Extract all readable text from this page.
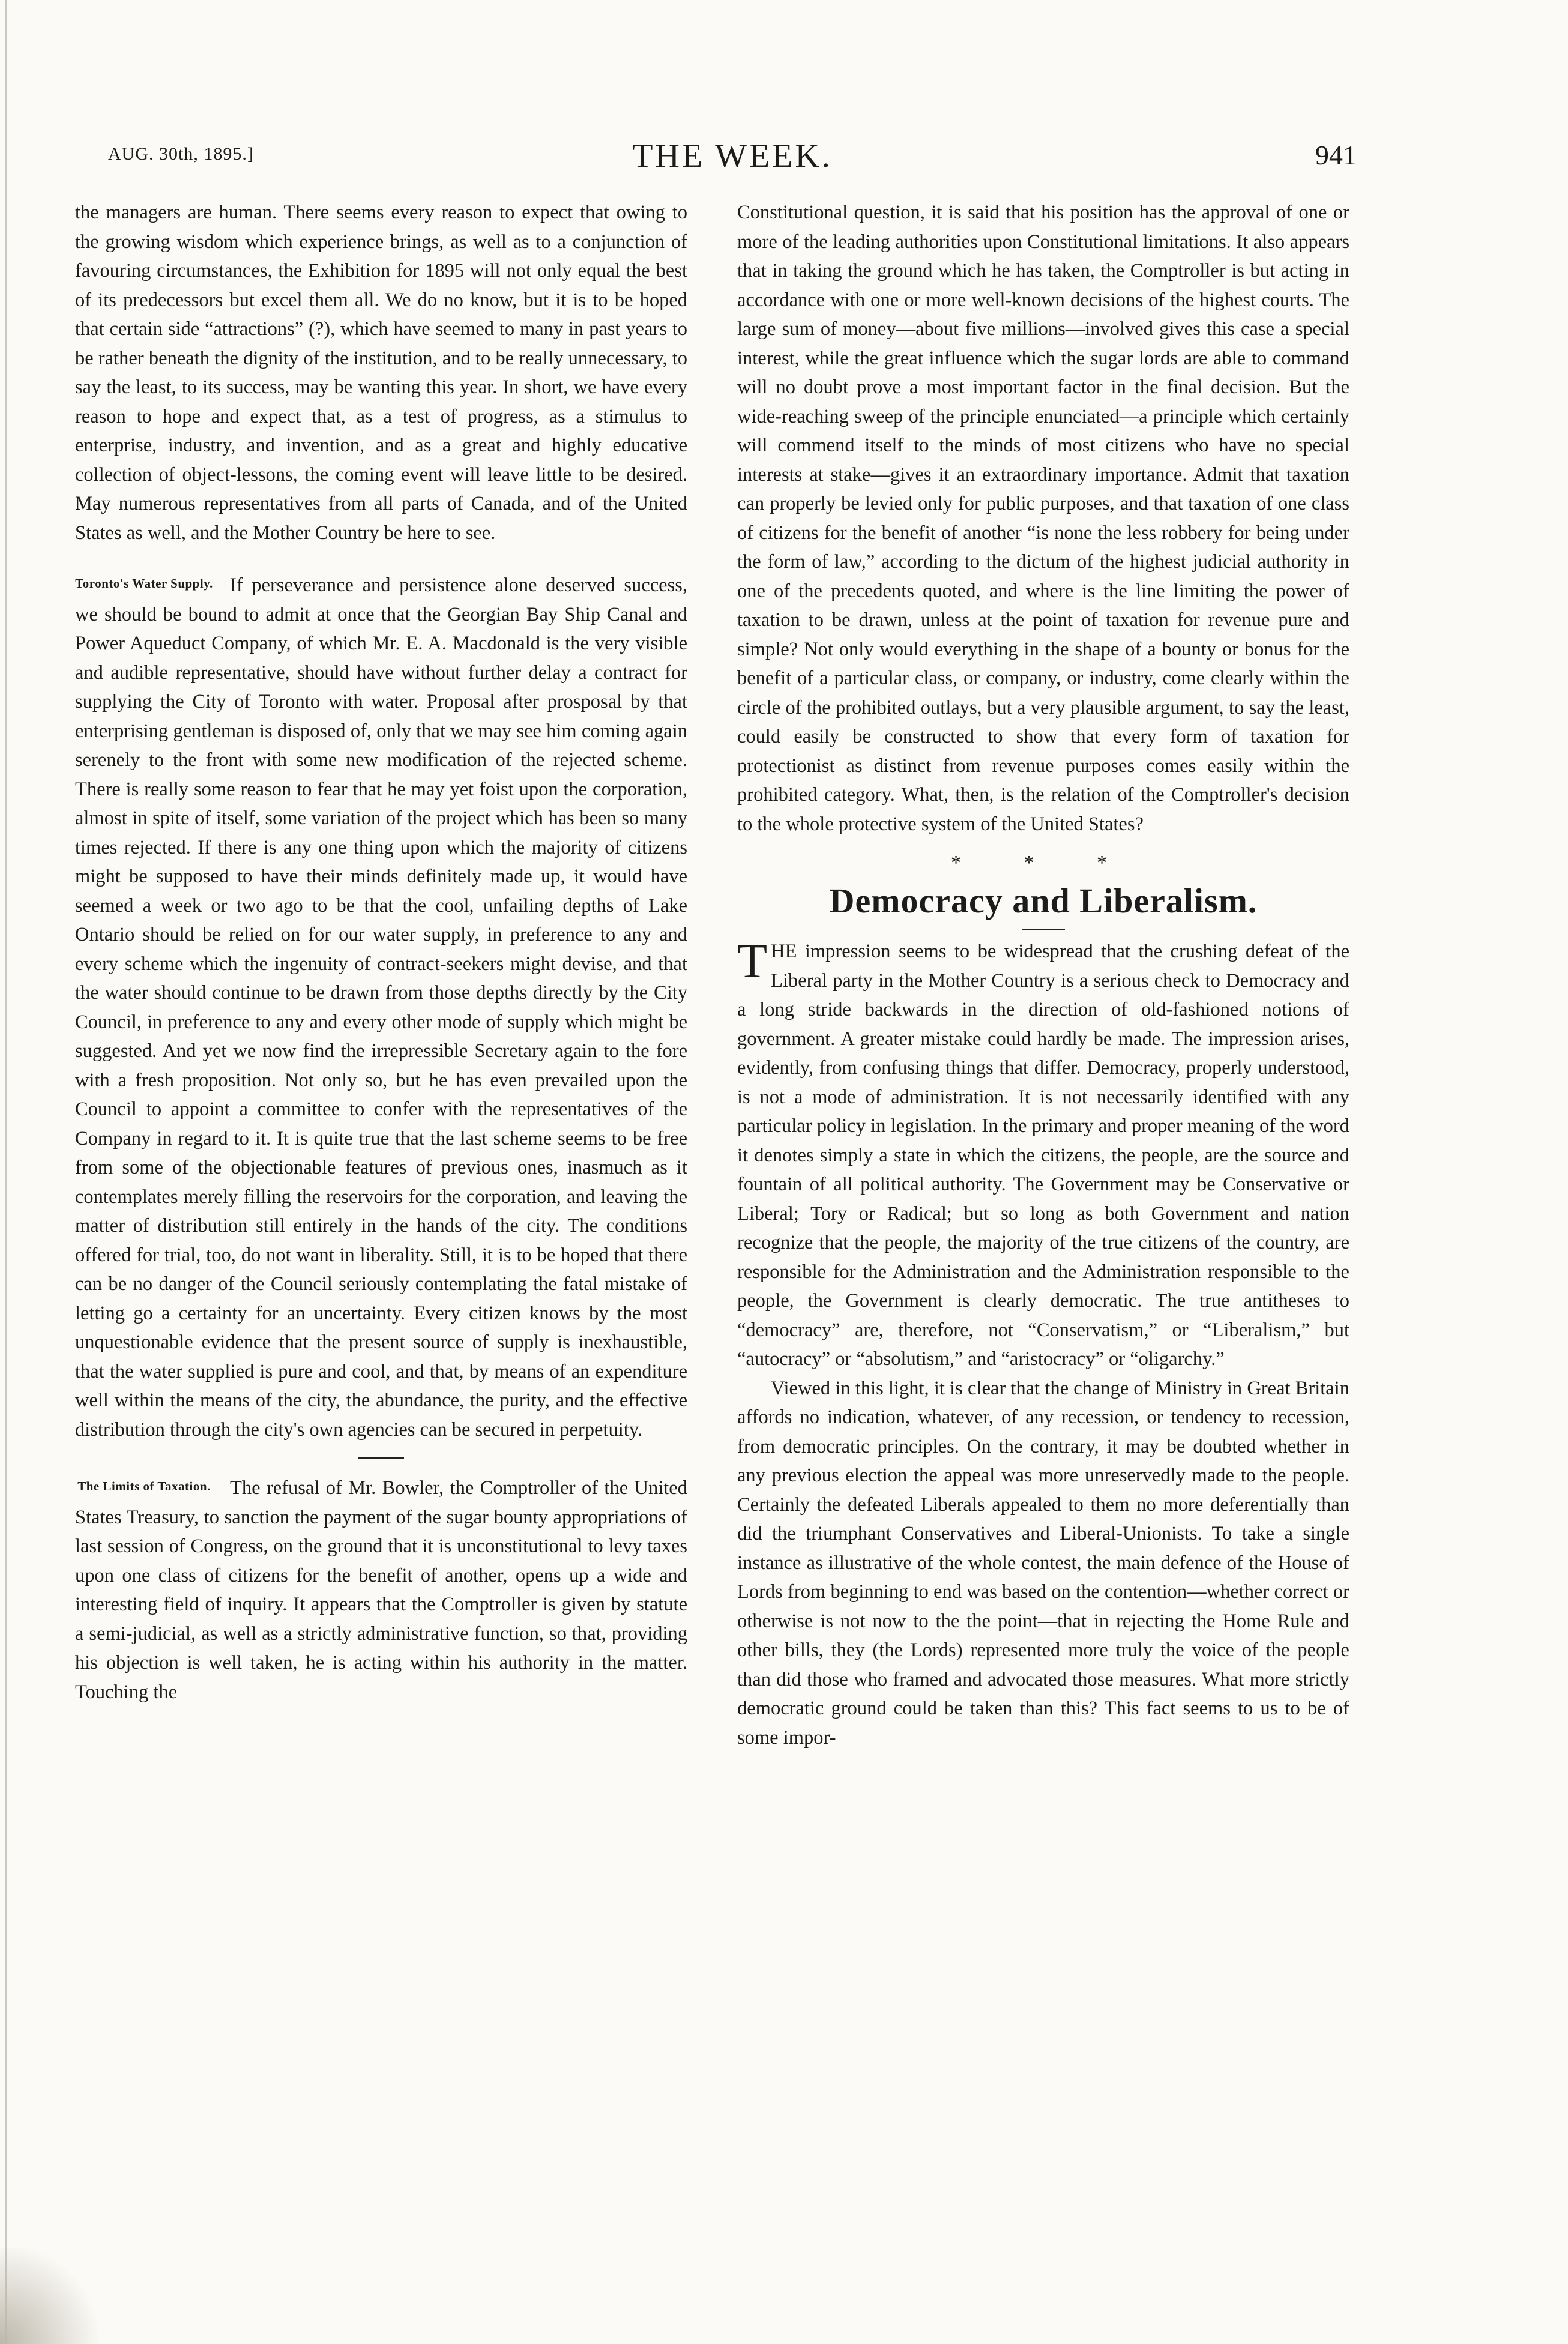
AUG. 30th, 1895.]	THE WEEK.	941

the managers are human. There seems every reason to expect that owing to the growing wisdom which experience brings, as well as to a conjunction of favouring circumstances, the Exhibition for 1895 will not only equal the best of its predecessors but excel them all. We do no know, but it is to be hoped that certain side “attractions” (?), which have seemed to many in past years to be rather beneath the dignity of the institution, and to be really unnecessary, to say the least, to its success, may be wanting this year. In short, we have every reason to hope and expect that, as a test of progress, as a stimulus to enterprise, industry, and invention, and as a great and highly educative collection of object-lessons, the coming event will leave little to be desired. May numerous representatives from all parts of Canada, and of the United States as well, and the Mother Country be here to see.

Toronto's Water Supply. If perseverance and persistence alone deserved success, we should be bound to admit at once that the Georgian Bay Ship Canal and Power Aqueduct Company, of which Mr. E. A. Macdonald is the very visible and audible representative, should have without further delay a contract for supplying the City of Toronto with water. Proposal after prosposal by that enterprising gentleman is disposed of, only that we may see him coming again serenely to the front with some new modification of the rejected scheme. There is really some reason to fear that he may yet foist upon the corporation, almost in spite of itself, some variation of the project which has been so many times rejected. If there is any one thing upon which the majority of citizens might be supposed to have their minds definitely made up, it would have seemed a week or two ago to be that the cool, unfailing depths of Lake Ontario should be relied on for our water supply, in preference to any and every scheme which the ingenuity of contract-seekers might devise, and that the water should continue to be drawn from those depths directly by the City Council, in preference to any and every other mode of supply which might be suggested. And yet we now find the irrepressible Secretary again to the fore with a fresh proposition. Not only so, but he has even prevailed upon the Council to appoint a committee to confer with the representatives of the Company in regard to it. It is quite true that the last scheme seems to be free from some of the objectionable features of previous ones, inasmuch as it contemplates merely filling the reservoirs for the corporation, and leaving the matter of distribution still entirely in the hands of the city. The conditions offered for trial, too, do not want in liberality. Still, it is to be hoped that there can be no danger of the Council seriously contemplating the fatal mistake of letting go a certainty for an uncertainty. Every citizen knows by the most unquestionable evidence that the present source of supply is inexhaustible, that the water supplied is pure and cool, and that, by means of an expenditure well within the means of the city, the abundance, the purity, and the effective distribution through the city's own agencies can be secured in perpetuity.

The Limits of Taxation. The refusal of Mr. Bowler, the Comptroller of the United States Treasury, to sanction the payment of the sugar bounty appropriations of last session of Congress, on the ground that it is unconstitutional to levy taxes upon one class of citizens for the benefit of another, opens up a wide and interesting field of inquiry. It appears that the Comptroller is given by statute a semi-judicial, as well as a strictly administrative function, so that, providing his objection is well taken, he is acting within his authority in the matter. Touching the

Constitutional question, it is said that his position has the approval of one or more of the leading authorities upon Constitutional limitations. It also appears that in taking the ground which he has taken, the Comptroller is but acting in accordance with one or more well-known decisions of the highest courts. The large sum of money—about five millions—involved gives this case a special interest, while the great influence which the sugar lords are able to command will no doubt prove a most important factor in the final decision. But the wide-reaching sweep of the principle enunciated—a principle which certainly will commend itself to the minds of most citizens who have no special interests at stake—gives it an extraordinary importance. Admit that taxation can properly be levied only for public purposes, and that taxation of one class of citizens for the benefit of another “is none the less robbery for being under the form of law,” according to the dictum of the highest judicial authority in one of the precedents quoted, and where is the line limiting the power of taxation to be drawn, unless at the point of taxation for revenue pure and simple? Not only would everything in the shape of a bounty or bonus for the benefit of a particular class, or company, or industry, come clearly within the circle of the prohibited outlays, but a very plausible argument, to say the least, could easily be constructed to show that every form of taxation for protectionist as distinct from revenue purposes comes easily within the prohibited category. What, then, is the relation of the Comptroller's decision to the whole protective system of the United States?

* * *
Democracy and Liberalism.
T HE impression seems to be widespread that the crushing defeat of the Liberal party in the Mother Country is a serious check to Democracy and a long stride backwards in the direction of old-fashioned notions of government. A greater mistake could hardly be made. The impression arises, evidently, from confusing things that differ. Democracy, properly understood, is not a mode of administration. It is not necessarily identified with any particular policy in legislation. In the primary and proper meaning of the word it denotes simply a state in which the citizens, the people, are the source and fountain of all political authority. The Government may be Conservative or Liberal; Tory or Radical; but so long as both Government and nation recognize that the people, the majority of the true citizens of the country, are responsible for the Administration and the Administration responsible to the people, the Government is clearly democratic. The true antitheses to “democracy” are, therefore, not “Conservatism,” or “Liberalism,” but “autocracy” or “absolutism,” and “aristocracy” or “oligarchy.”

Viewed in this light, it is clear that the change of Ministry in Great Britain affords no indication, whatever, of any recession, or tendency to recession, from democratic principles. On the contrary, it may be doubted whether in any previous election the appeal was more unreservedly made to the people. Certainly the defeated Liberals appealed to them no more deferentially than did the triumphant Conservatives and Liberal-Unionists. To take a single instance as illustrative of the whole contest, the main defence of the House of Lords from beginning to end was based on the contention—whether correct or otherwise is not now to the the point—that in rejecting the Home Rule and other bills, they (the Lords) represented more truly the voice of the people than did those who framed and advocated those measures. What more strictly democratic ground could be taken than this? This fact seems to us to be of some impor-
